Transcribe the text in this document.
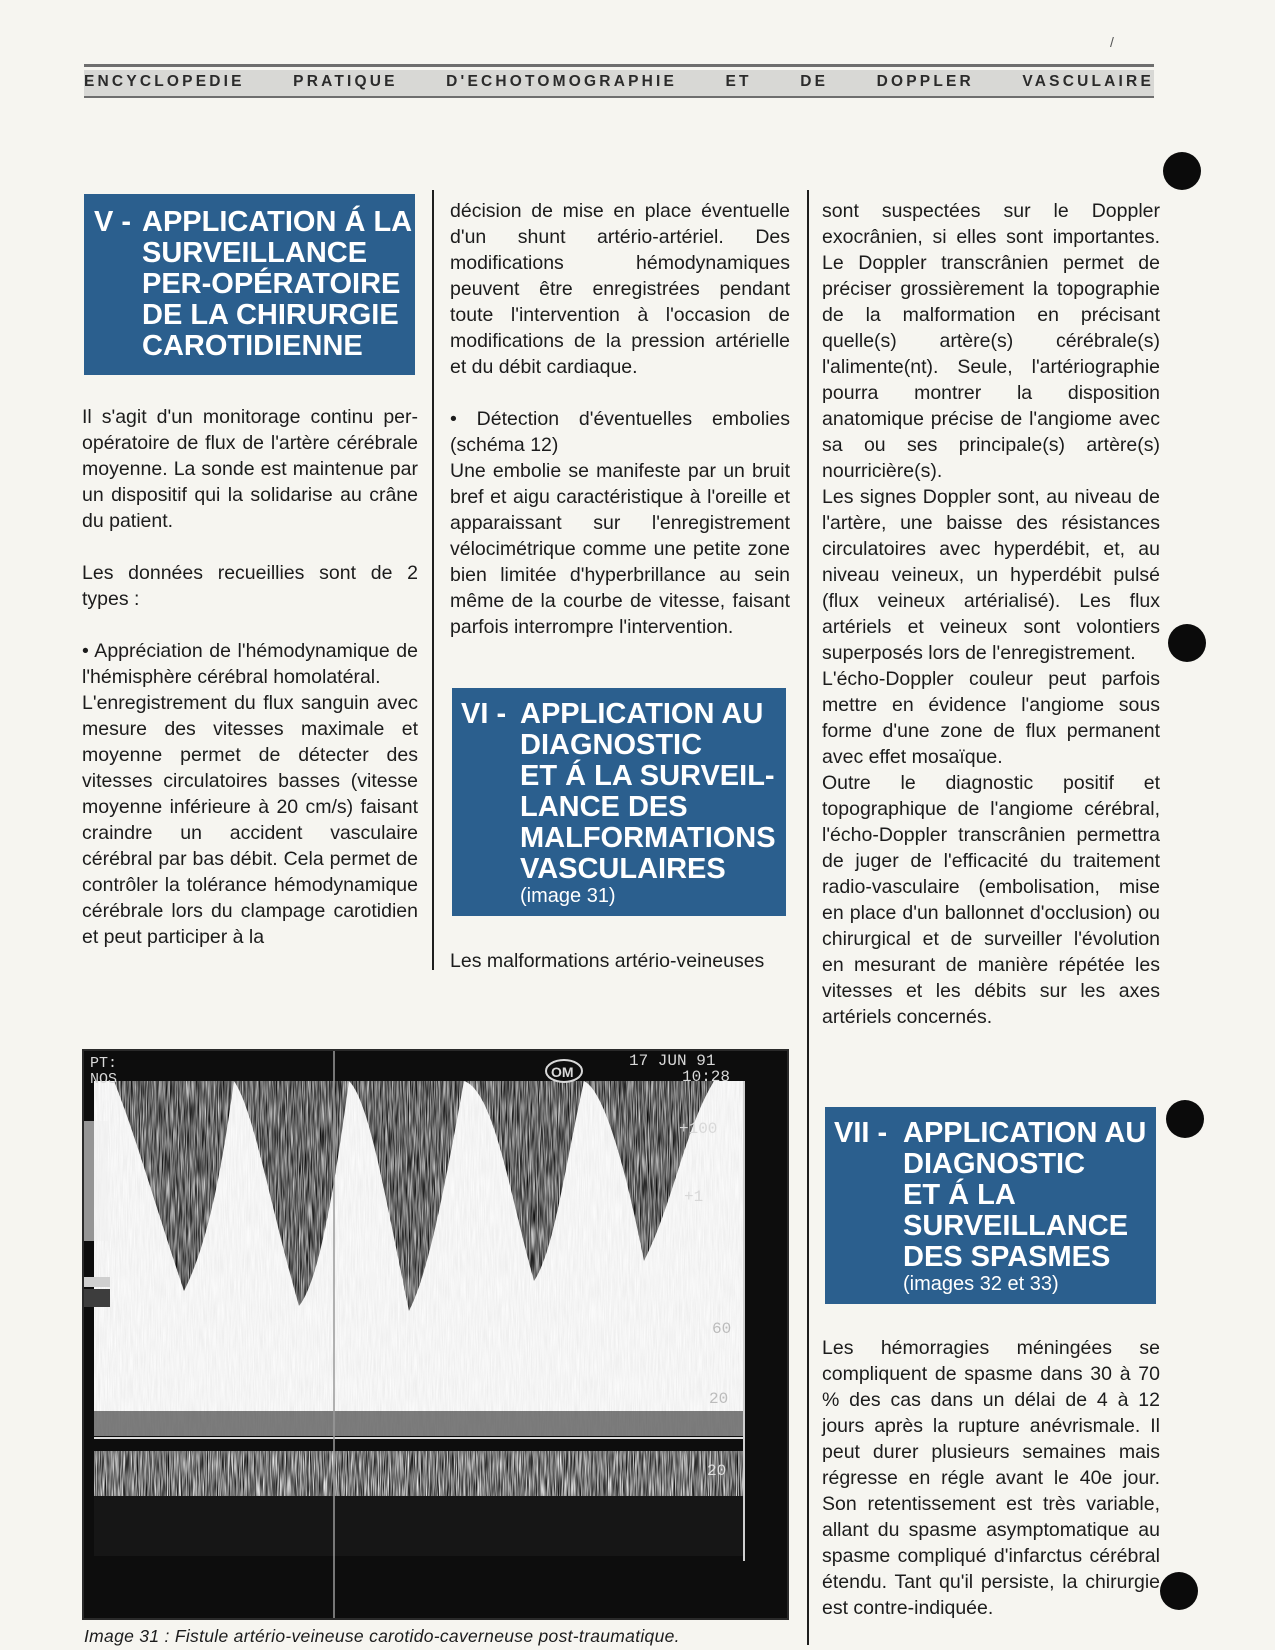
ENCYCLOPEDIE PRATIQUE D'ECHOTOMOGRAPHIE ET DE DOPPLER VASCULAIRE
/
V - APPLICATION Á LA
SURVEILLANCE
PER-OPÉRATOIRE
DE LA CHIRURGIE
CAROTIDIENNE

Il s'agit d'un monitorage continu per-opératoire de flux de l'artère cérébrale moyenne. La sonde est maintenue par un dispositif qui la solidarise au crâne du patient.

Les données recueillies sont de 2 types :

• Appréciation de l'hémodynamique de l'hémisphère cérébral homolatéral.

L'enregistrement du flux sanguin avec mesure des vitesses maximale et moyenne permet de détecter des vitesses circulatoires basses (vitesse moyenne inférieure à 20 cm/s) faisant craindre un accident vasculaire cérébral par bas débit. Cela permet de contrôler la tolérance hémodynamique cérébrale lors du clampage carotidien et peut participer à la

décision de mise en place éventuelle d'un shunt artério-artériel. Des modifications hémodynamiques peuvent être enregistrées pendant toute l'intervention à l'occasion de modifications de la pression artérielle et du débit cardiaque.

• Détection d'éventuelles embolies (schéma 12)

Une embolie se manifeste par un bruit bref et aigu caractéristique à l'oreille et apparaissant sur l'enregistrement vélocimétrique comme une petite zone bien limitée d'hyperbrillance au sein même de la courbe de vitesse, faisant parfois interrompre l'intervention.

VI - APPLICATION AU
DIAGNOSTIC
ET Á LA SURVEIL-
LANCE DES
MALFORMATIONS
VASCULAIRES
(image 31)

Les malformations artério-veineuses

sont suspectées sur le Doppler exocrânien, si elles sont importantes. Le Doppler transcrânien permet de préciser grossièrement la topographie de la malformation en précisant quelle(s) artère(s) cérébrale(s) l'alimente(nt). Seule, l'artériographie pourra montrer la disposition anatomique précise de l'angiome avec sa ou ses principale(s) artère(s) nourricière(s).

Les signes Doppler sont, au niveau de l'artère, une baisse des résistances circulatoires avec hyperdébit, et, au niveau veineux, un hyperdébit pulsé (flux veineux artérialisé). Les flux artériels et veineux sont volontiers superposés lors de l'enregistrement.

L'écho-Doppler couleur peut parfois mettre en évidence l'angiome sous forme d'une zone de flux permanent avec effet mosaïque.

Outre le diagnostic positif et topographique de l'angiome cérébral, l'écho-Doppler transcrânien permettra de juger de l'efficacité du traitement radio-vasculaire (embolisation, mise en place d'un ballonnet d'occlusion) ou chirurgical et de surveiller l'évolution en mesurant de manière répétée les vitesses et les débits sur les axes artériels concernés.

VII - APPLICATION AU
DIAGNOSTIC
ET Á LA
SURVEILLANCE
DES SPASMES
(images 32 et 33)

Les hémorragies méningées se compliquent de spasme dans 30 à 70 % des cas dans un délai de 4 à 12 jours après la rupture anévrismale. Il peut durer plusieurs semaines mais régresse en régle avant le 40e jour. Son retentissement est très variable, allant du spasme asymptomatique au spasme compliqué d'infarctus cérébral étendu. Tant qu'il persiste, la chirurgie est contre-indiquée.

PT:
NOS	OM
17 JUN 91
10:28
+100
+1
60
20
20
Image 31 : Fistule artério-veineuse carotido-caverneuse post-traumatique.
